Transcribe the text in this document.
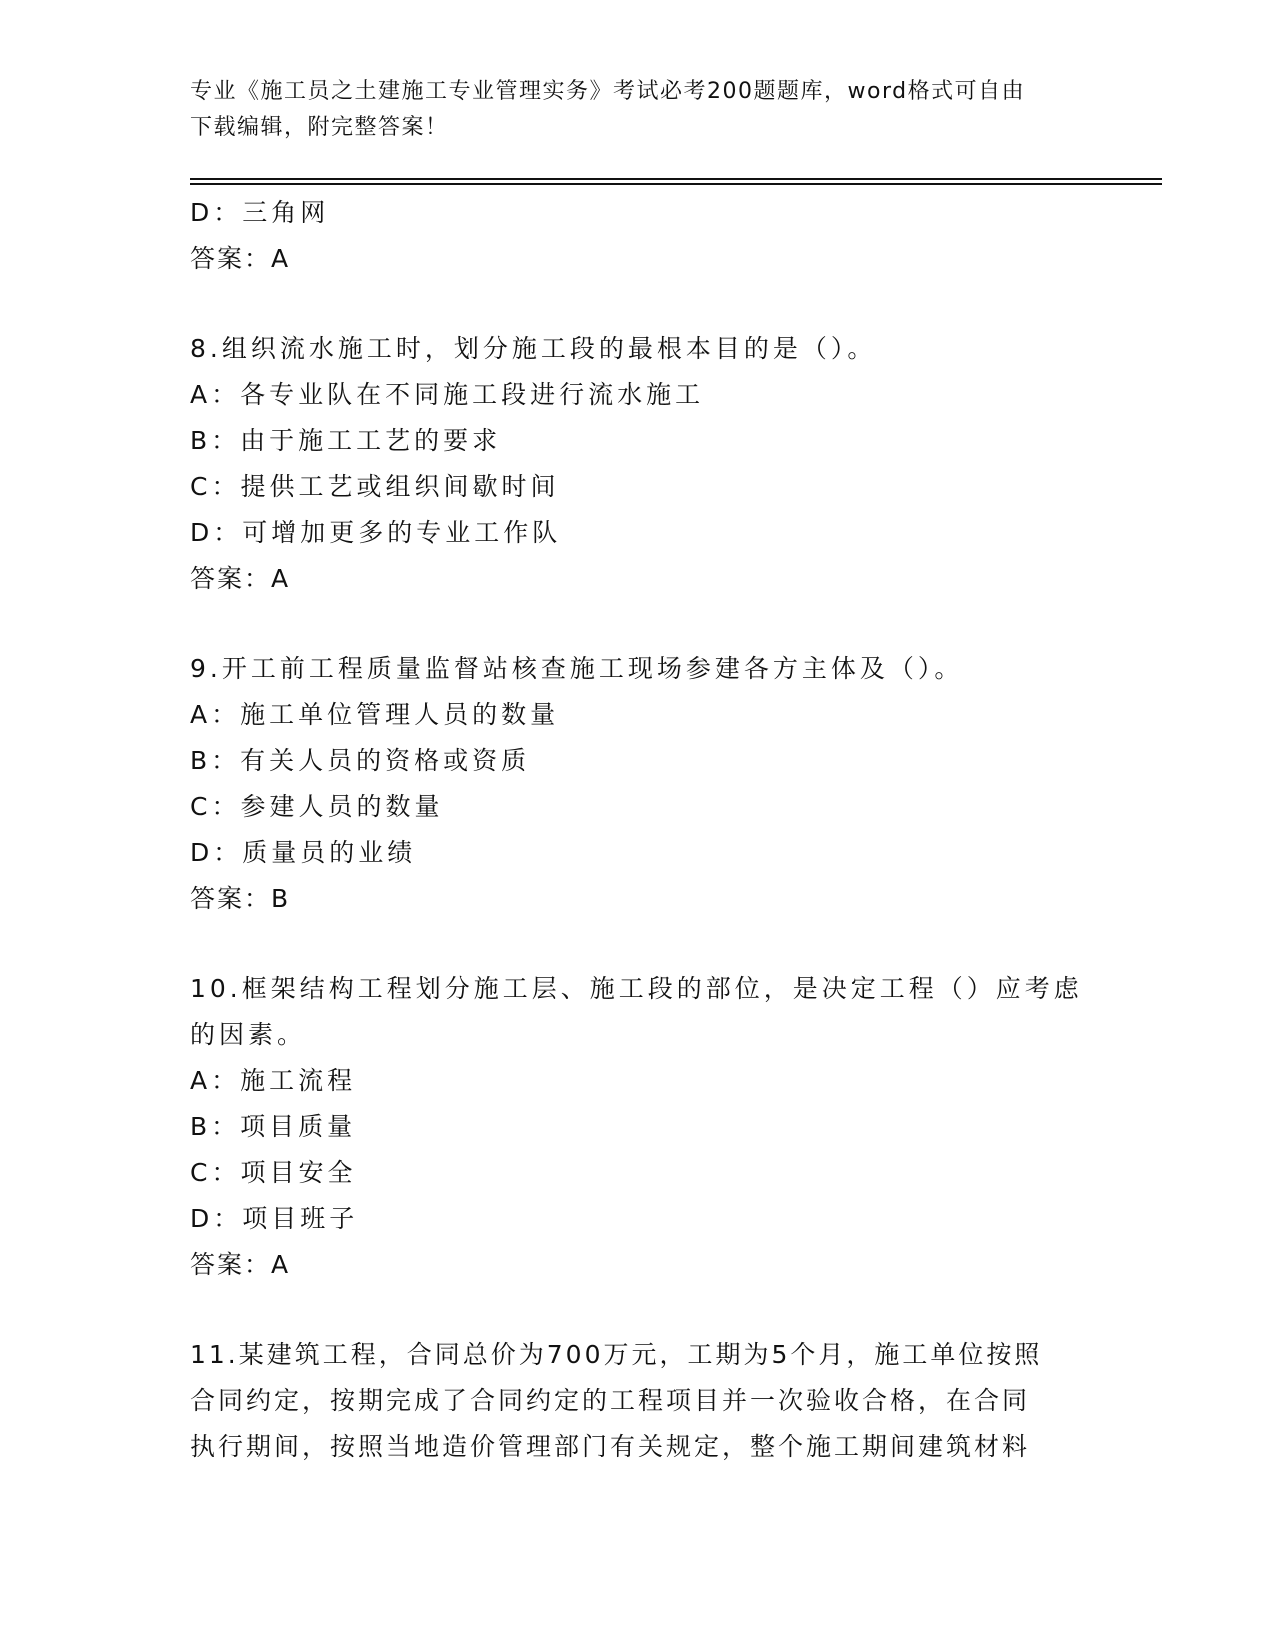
专业《施工员之土建施工专业管理实务》考试必考200题题库，word格式可自由
下载编辑，附完整答案！
D：三角网
答案：A
8.组织流水施工时，划分施工段的最根本目的是（）。
A：各专业队在不同施工段进行流水施工
B：由于施工工艺的要求
C：提供工艺或组织间歇时间
D：可增加更多的专业工作队
答案：A
9.开工前工程质量监督站核查施工现场参建各方主体及（）。
A：施工单位管理人员的数量
B：有关人员的资格或资质
C：参建人员的数量
D：质量员的业绩
答案：B
10.框架结构工程划分施工层、施工段的部位，是决定工程（）应考虑
的因素。
A：施工流程
B：项目质量
C：项目安全
D：项目班子
答案：A
11.某建筑工程，合同总价为700万元，工期为5个月，施工单位按照
合同约定，按期完成了合同约定的工程项目并一次验收合格，在合同
执行期间，按照当地造价管理部门有关规定，整个施工期间建筑材料
